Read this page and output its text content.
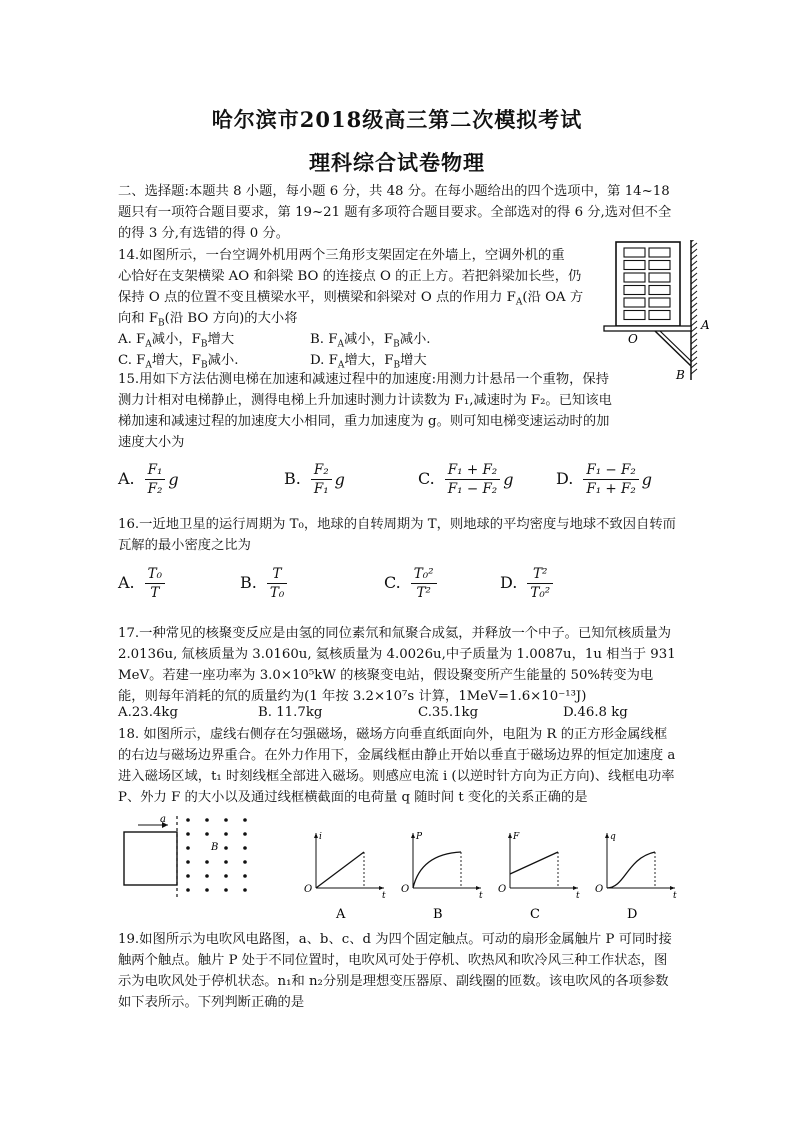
哈尔滨市2018级高三第二次模拟考试
理科综合试卷物理
二、选择题:本题共 8 小题，每小题 6 分，共 48 分。在每小题给出的四个选项中，第 14~18 题只有一项符合题目要求，第 19~21 题有多项符合题目要求。全部选对的得 6 分,选对但不全的得 3 分,有选错的得 0 分。
14.如图所示，一台空调外机用两个三角形支架固定在外墙上，空调外机的重
心恰好在支架横梁 AO 和斜梁 BO 的连接点 O 的正上方。若把斜梁加长些，仍
保持 O 点的位置不变且横梁水平，则横梁和斜梁对 O 点的作用力 $F_A$(沿 OA 方
向和 $F_B$(沿 BO 方向)的大小将
A. $F_A$减小，$F_B$增大	B. $F_A$减小，$F_B$减小.
C. $F_A$增大，$F_B$减小.	D. $F_A$增大，$F_B$增大
A
O
B
15.用如下方法估测电梯在加速和减速过程中的加速度:用测力计悬吊一个重物，保持测力计相对电梯静止，测得电梯上升加速时测力计读数为 F₁,减速时为 F₂。已知该电梯加速和减速过程的加速度大小相同，重力加速度为 g。则可知电梯变速运动时的加速度大小为
A. $\frac{\text{F₁}}{\text{F₂}}$ g	B. $\frac{\text{F₂}}{\text{F₁}}$ g	C. $\frac{\text{F₁ + F₂}}{\text{F₁ − F₂}}$ g	D. $\frac{\text{F₁ − F₂}}{\text{F₁ + F₂}}$ g
16.一近地卫星的运行周期为 T₀，地球的自转周期为 T，则地球的平均密度与地球不致因自转而瓦解的最小密度之比为
A. $\frac{\text{T₀}}{T}$	B. $\frac{T}{\text{T₀}}$	C. $\frac{\text{T₀²}}{\text{T²}}$	D. $\frac{\text{T²}}{\text{T₀²}}$
17.一种常见的核聚变反应是由氢的同位素氘和氚聚合成氦，并释放一个中子。已知氘核质量为 2.0136u, 氚核质量为 3.0160u, 氦核质量为 4.0026u,中子质量为 1.0087u，1u 相当于 931 MeV。若建一座功率为 3.0×10⁵kW 的核聚变电站，假设聚变所产生能量的 50%转变为电能，则每年消耗的氘的质量约为(1 年按 3.2×10⁷s 计算，1MeV=1.6×10⁻¹³J)
A.23.4kg	B. 11.7kg	C.35.1kg	D.46.8 kg
18. 如图所示，虚线右侧存在匀强磁场，磁场方向垂直纸面向外，电阻为 R 的正方形金属线框的右边与磁场边界重合。在外力作用下，金属线框由静止开始以垂直于磁场边界的恒定加速度 a 进入磁场区域，t₁ 时刻线框全部进入磁场。则感应电流 i (以逆时针方向为正方向)、线框电功率 P、外力 F 的大小以及通过线框横截面的电荷量 q 随时间 t 变化的关系正确的是
a
B
O
i
t
A
O
P
t
B
O
F
t
C
O
q
t
D
19.如图所示为电吹风电路图，a、b、c、d 为四个固定触点。可动的扇形金属触片 P 可同时接触两个触点。触片 P 处于不同位置时，电吹风可处于停机、吹热风和吹冷风三种工作状态，图示为电吹风处于停机状态。n₁和 n₂分别是理想变压器原、副线圈的匝数。该电吹风的各项参数如下表所示。下列判断正确的是
